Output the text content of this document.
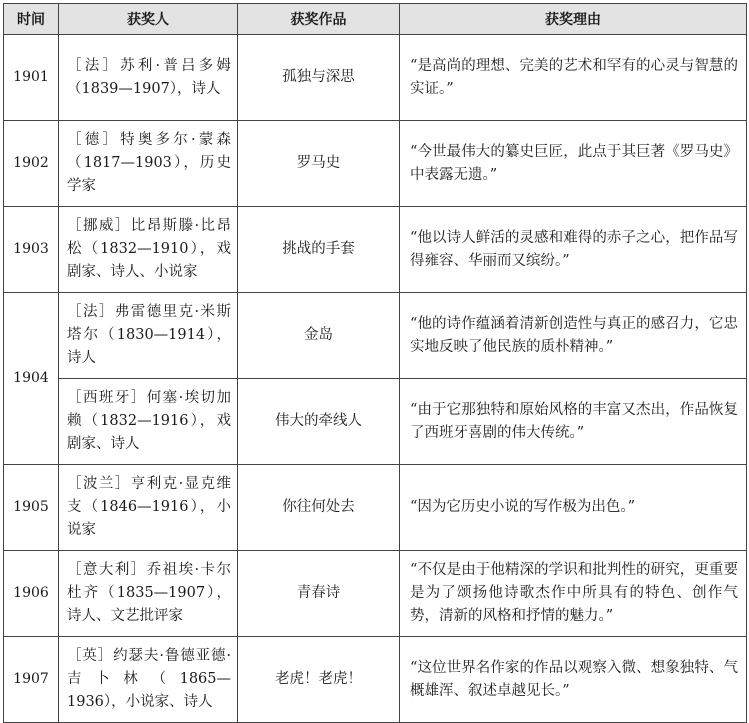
时间	获奖人	获奖作品	获奖理由
1901	［法］苏利·普吕多姆（1839—1907），诗人	孤独与深思	“是高尚的理想、完美的艺术和罕有的心灵与智慧的实证。”
1902	［德］特奥多尔·蒙森（1817—1903），历史学家	罗马史	“今世最伟大的纂史巨匠，此点于其巨著《罗马史》中表露无遗。”
1903	［挪威］比昂斯滕·比昂松（1832—1910），戏剧家、诗人、小说家	挑战的手套	“他以诗人鲜活的灵感和难得的赤子之心，把作品写得雍容、华丽而又缤纷。”
1904	［法］弗雷德里克·米斯塔尔（1830—1914），诗人	金岛	“他的诗作蕴涵着清新创造性与真正的感召力，它忠实地反映了他民族的质朴精神。”
	［西班牙］何塞·埃切加赖（1832—1916），戏剧家、诗人	伟大的牵线人	“由于它那独特和原始风格的丰富又杰出，作品恢复了西班牙喜剧的伟大传统。”
1905	［波兰］亨利克·显克维支（1846—1916），小说家	你往何处去	“因为它历史小说的写作极为出色。”
1906	［意大利］乔祖埃·卡尔杜齐（1835—1907），诗人、文艺批评家	青春诗	“不仅是由于他精深的学识和批判性的研究，更重要是为了颂扬他诗歌杰作中所具有的特色、创作气势，清新的风格和抒情的魅力。”
1907	［英］约瑟夫·鲁德亚德·吉卜林（1865—1936），小说家、诗人	老虎！老虎！	“这位世界名作家的作品以观察入微、想象独特、气概雄浑、叙述卓越见长。”
